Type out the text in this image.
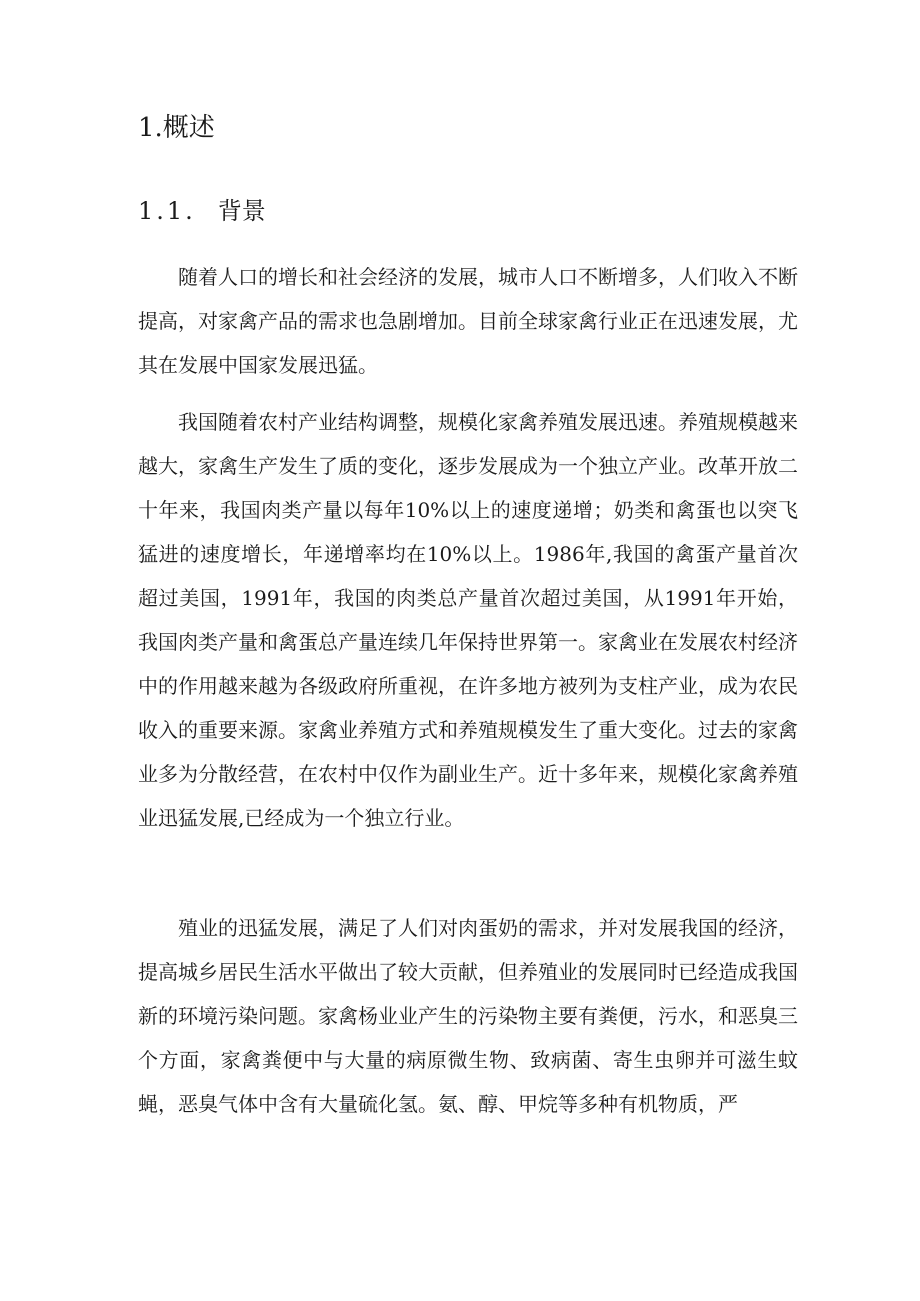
1.概述
1.1. 背景

随着人口的增长和社会经济的发展，城市人口不断增多，人们收入不断提高，对家禽产品的需求也急剧增加。目前全球家禽行业正在迅速发展，尤其在发展中国家发展迅猛。

我国随着农村产业结构调整，规模化家禽养殖发展迅速。养殖规模越来越大，家禽生产发生了质的变化，逐步发展成为一个独立产业。改革开放二十年来，我国肉类产量以每年10%以上的速度递增；奶类和禽蛋也以突飞猛进的速度增长，年递增率均在10%以上。1986年,我国的禽蛋产量首次超过美国，1991年，我国的肉类总产量首次超过美国，从1991年开始，我国肉类产量和禽蛋总产量连续几年保持世界第一。家禽业在发展农村经济中的作用越来越为各级政府所重视，在许多地方被列为支柱产业，成为农民收入的重要来源。家禽业养殖方式和养殖规模发生了重大变化。过去的家禽业多为分散经营，在农村中仅作为副业生产。近十多年来，规模化家禽养殖业迅猛发展,已经成为一个独立行业。

殖业的迅猛发展，满足了人们对肉蛋奶的需求，并对发展我国的经济，提高城乡居民生活水平做出了较大贡献，但养殖业的发展同时已经造成我国新的环境污染问题。家禽杨业业产生的污染物主要有粪便，污水，和恶臭三个方面，家禽粪便中与大量的病原微生物、致病菌、寄生虫卵并可滋生蚊蝇，恶臭气体中含有大量硫化氢。氨、醇、甲烷等多种有机物质，严
